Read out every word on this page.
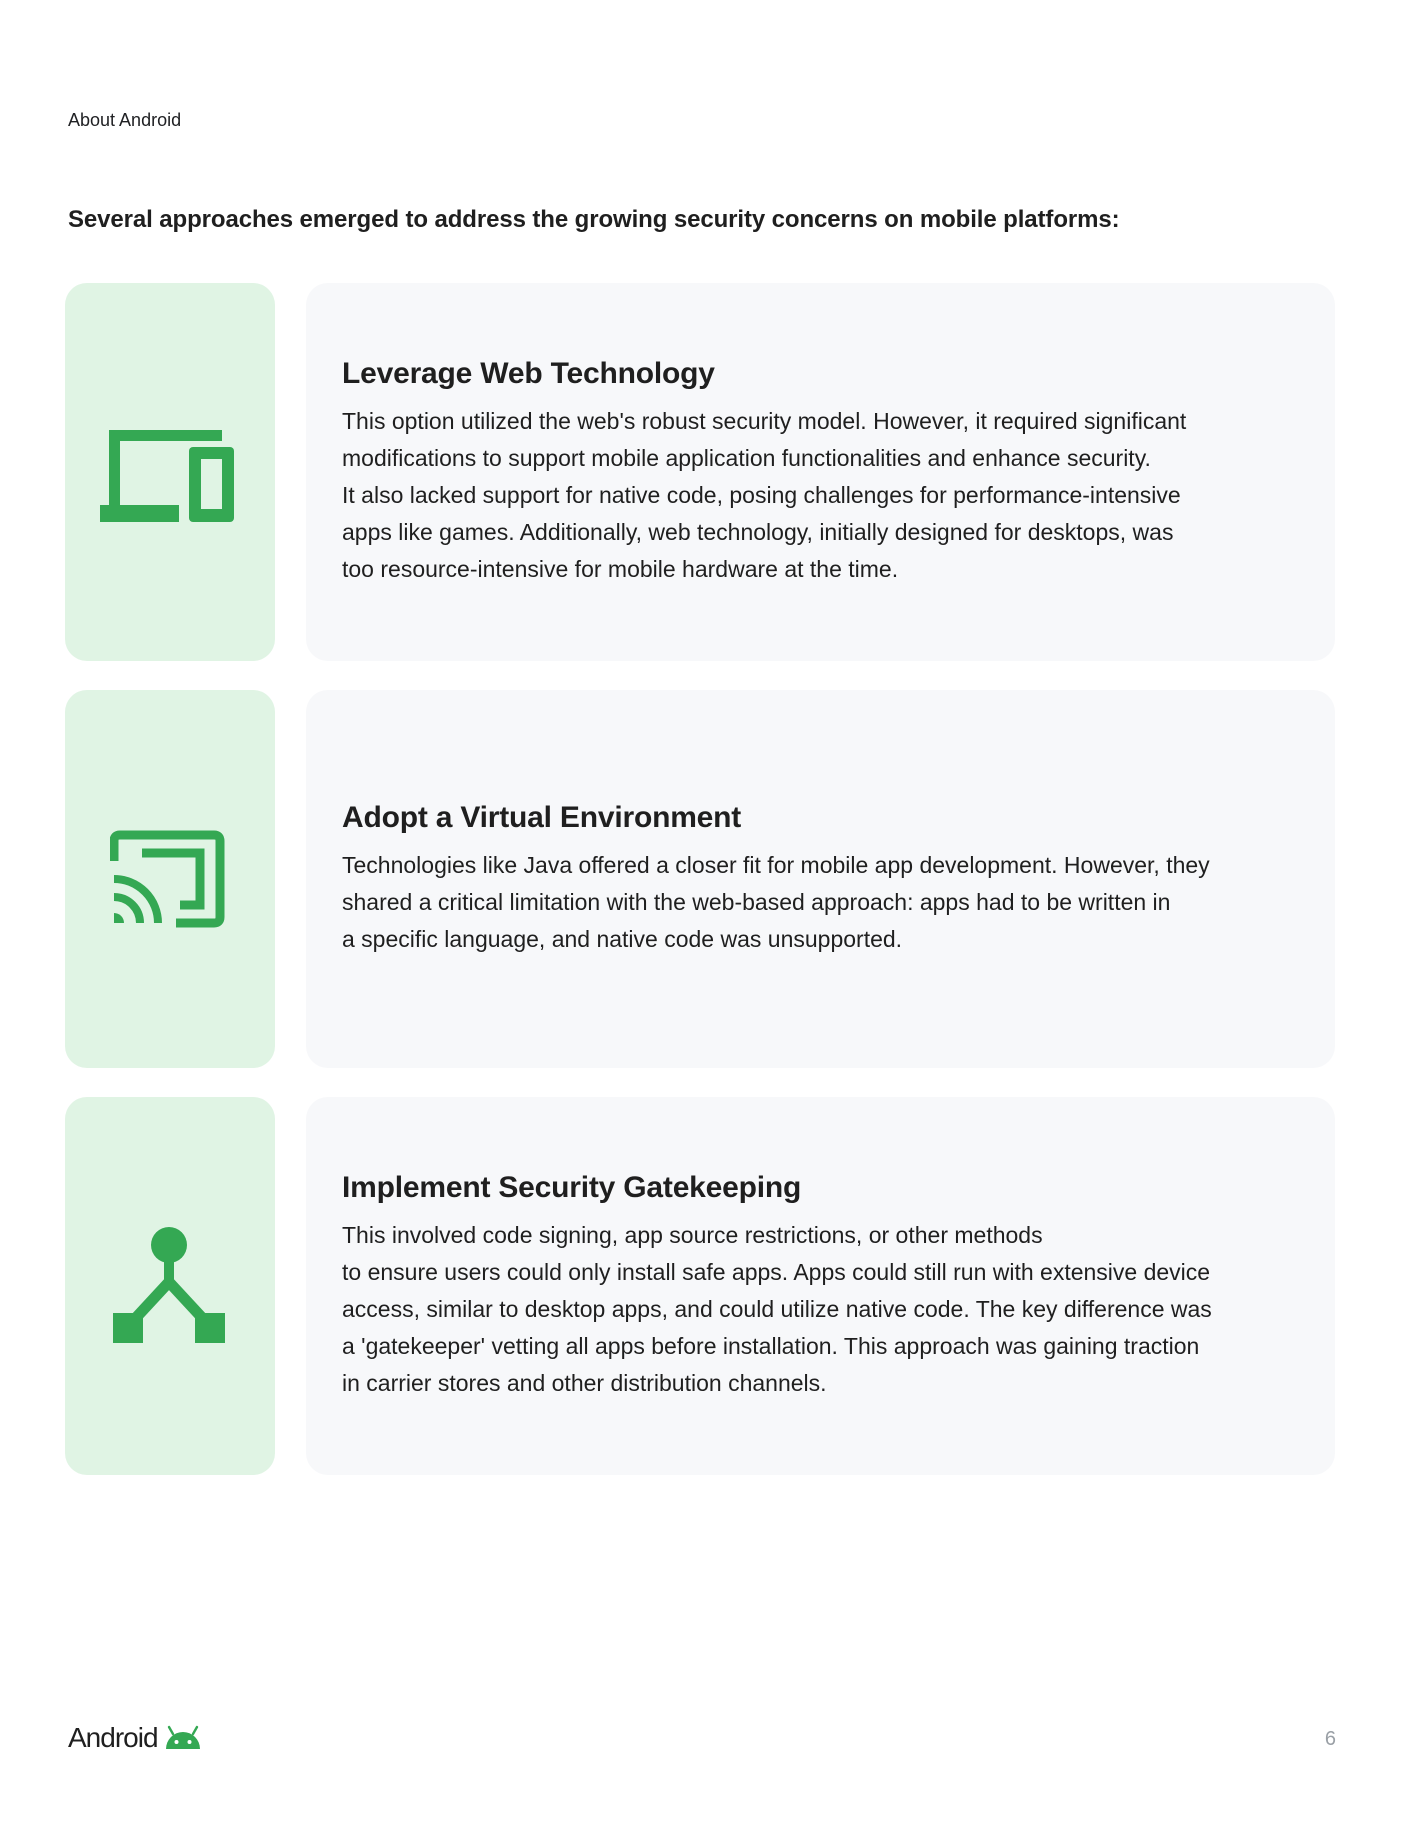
About Android
Several approaches emerged to address the growing security concerns on mobile platforms:
Leverage Web Technology

This option utilized the web's robust security model. However, it required significant
modifications to support mobile application functionalities and enhance security.
It also lacked support for native code, posing challenges for performance-intensive
apps like games. Additionally, web technology, initially designed for desktops, was
too resource-intensive for mobile hardware at the time.

Adopt a Virtual Environment

Technologies like Java offered a closer fit for mobile app development. However, they
shared a critical limitation with the web-based approach: apps had to be written in
a specific language, and native code was unsupported.

Implement Security Gatekeeping

This involved code signing, app source restrictions, or other methods
to ensure users could only install safe apps. Apps could still run with extensive device
access, similar to desktop apps, and could utilize native code. The key difference was
a 'gatekeeper' vetting all apps before installation. This approach was gaining traction
in carrier stores and other distribution channels.

Android	6
